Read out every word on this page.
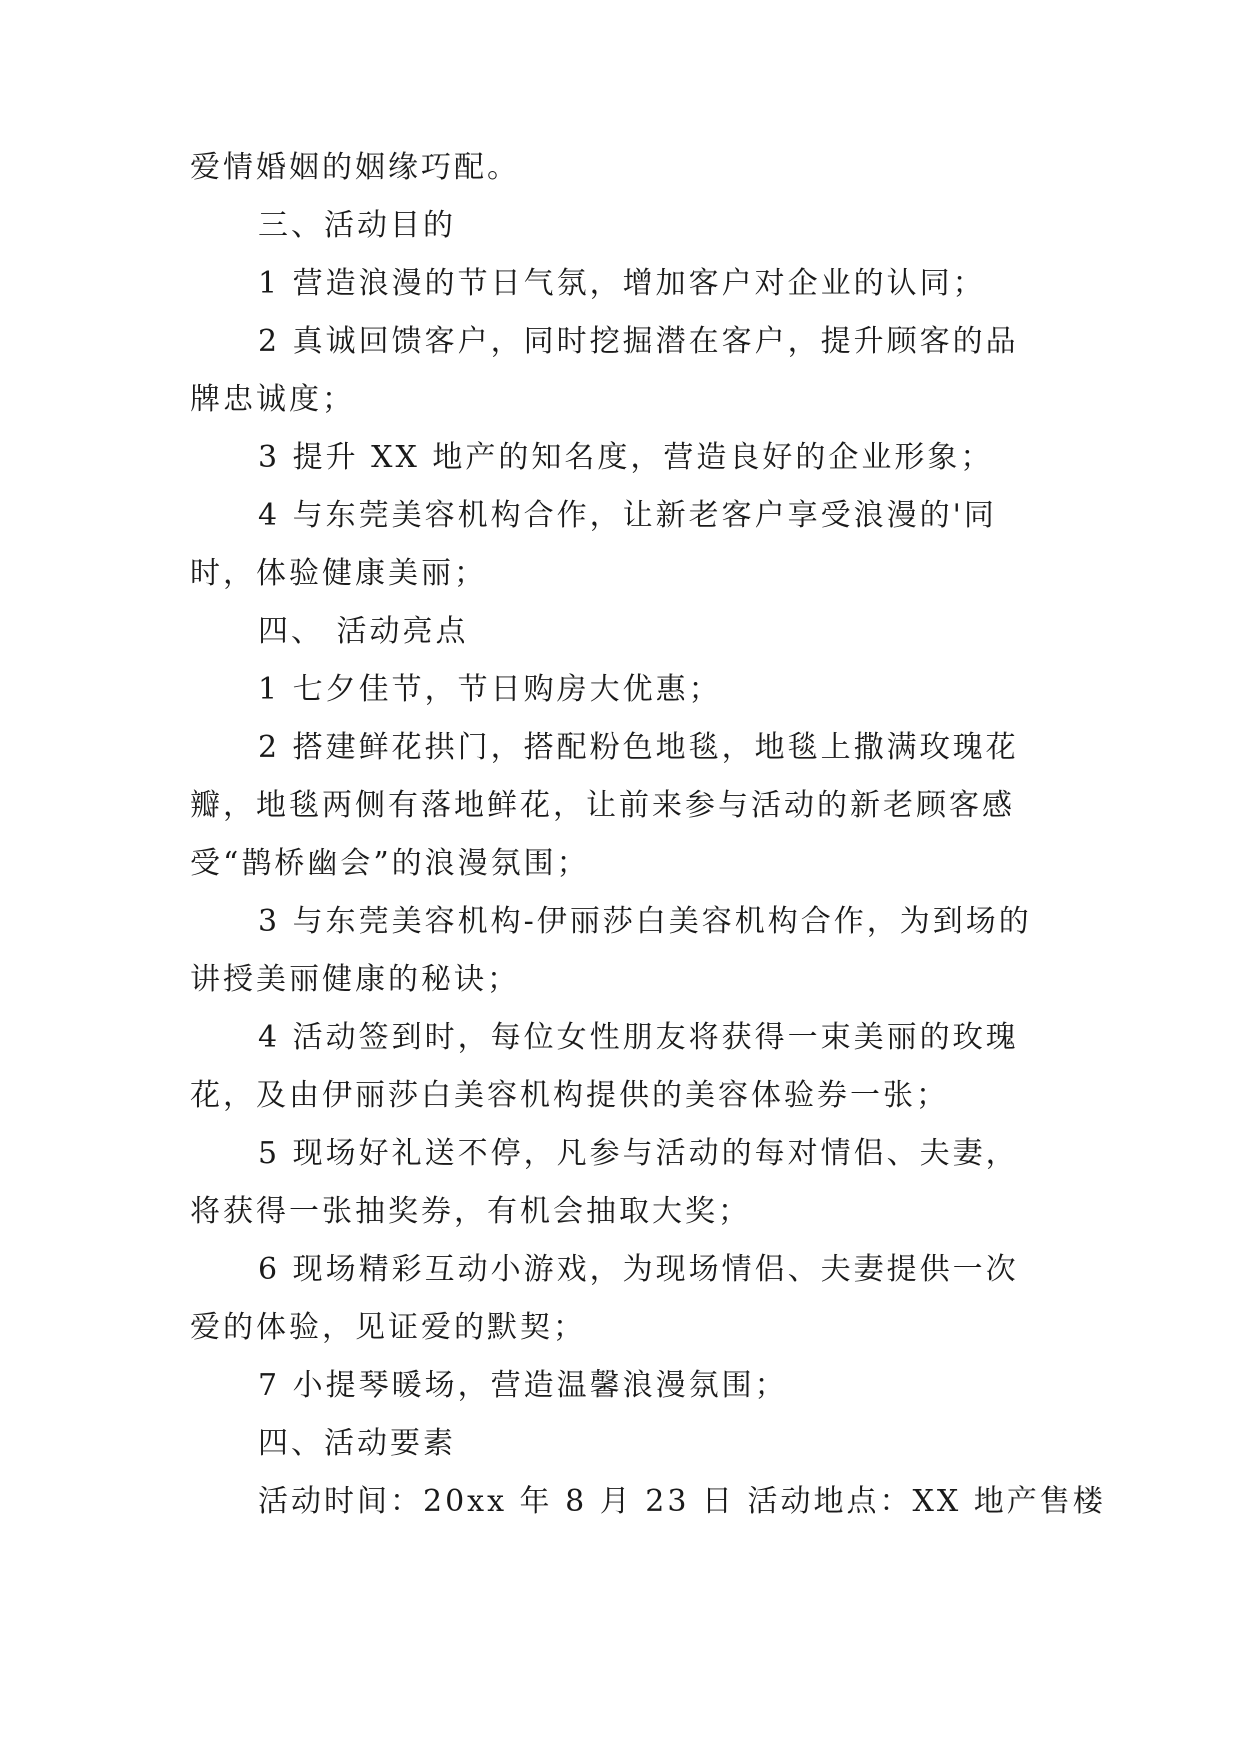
爱情婚姻的姻缘巧配。

三、活动目的

1 营造浪漫的节日气氛，增加客户对企业的认同；

2 真诚回馈客户，同时挖掘潜在客户，提升顾客的品牌忠诚度；

3 提升 XX 地产的知名度，营造良好的企业形象；

4 与东莞美容机构合作，让新老客户享受浪漫的'同时，体验健康美丽；

四、 活动亮点

1 七夕佳节，节日购房大优惠；

2 搭建鲜花拱门，搭配粉色地毯，地毯上撒满玫瑰花瓣，地毯两侧有落地鲜花，让前来参与活动的新老顾客感受“鹊桥幽会”的浪漫氛围；

3 与东莞美容机构-伊丽莎白美容机构合作，为到场的讲授美丽健康的秘诀；

4 活动签到时，每位女性朋友将获得一束美丽的玫瑰花，及由伊丽莎白美容机构提供的美容体验券一张；

5 现场好礼送不停，凡参与活动的每对情侣、夫妻，将获得一张抽奖券，有机会抽取大奖；

6 现场精彩互动小游戏，为现场情侣、夫妻提供一次爱的体验，见证爱的默契；

7 小提琴暖场，营造温馨浪漫氛围；

四、活动要素

活动时间：20xx 年 8 月 23 日 活动地点：XX 地产售楼
